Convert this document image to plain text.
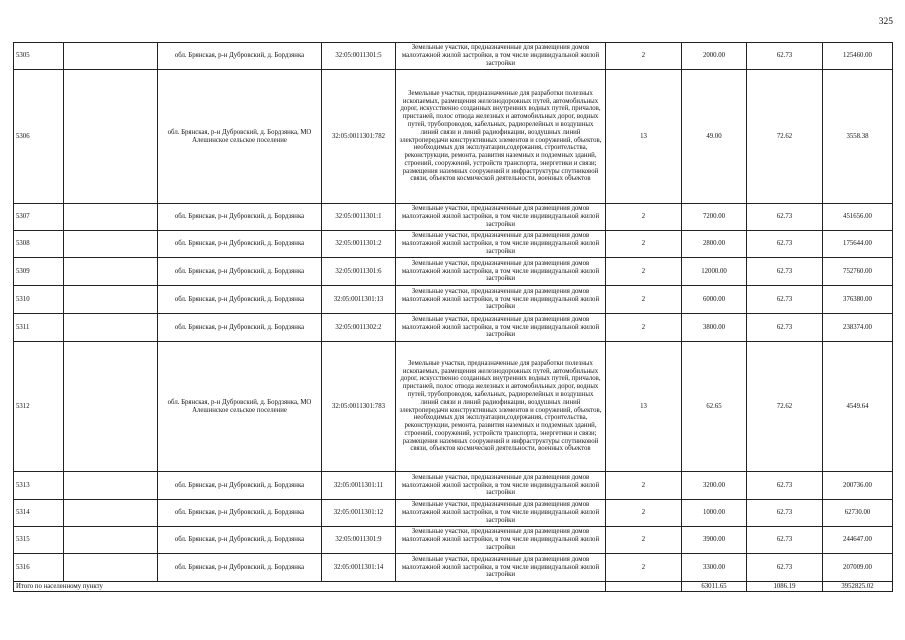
325
5305		обл. Брянская, р-н Дубровский, д. Бордзянка	32:05:0011301:5	Земельные участки, предназначенные для размещения домов малоэтажной жилой застройки, в том числе индивидуальной жилой застройки	2	2000.00	62.73	125460.00
5306		обл. Брянская, р-н Дубровский, д. Бордзянка, МО Алешинское сельское поселение	32:05:0011301:782	Земельные участки, предназначенные для разработки полезных ископаемых, размещения железнодорожных путей, автомобильных дорог, искусственно созданных внутренних водных путей, причалов, пристаней, полос отвода железных и автомобильных дорог, водных путей, трубопроводов, кабельных, радиорелейных и воздушных линий связи и линий радиофикации, воздушных линий электропередачи конструктивных элементов и сооружений, объектов, необходимых для эксплуатации,содержания, строительства, реконструкции, ремонта, развития наземных и подземных зданий, строений, сооружений, устройств транспорта, энергетики и связи; размещения наземных сооружений и инфраструктуры спутниковой связи, объектов космической деятельности, военных объектов	13	49.00	72.62	3558.38
5307		обл. Брянская, р-н Дубровский, д. Бордзянка	32:05:0011301:1	Земельные участки, предназначенные для размещения домов малоэтажной жилой застройки, в том числе индивидуальной жилой застройки	2	7200.00	62.73	451656.00
5308		обл. Брянская, р-н Дубровский, д. Бордзянка	32:05:0011301:2	Земельные участки, предназначенные для размещения домов малоэтажной жилой застройки, в том числе индивидуальной жилой застройки	2	2800.00	62.73	175644.00
5309		обл. Брянская, р-н Дубровский, д. Бордзянка	32:05:0011301:6	Земельные участки, предназначенные для размещения домов малоэтажной жилой застройки, в том числе индивидуальной жилой застройки	2	12000.00	62.73	752760.00
5310		обл. Брянская, р-н Дубровский, д. Бордзянка	32:05:0011301:13	Земельные участки, предназначенные для размещения домов малоэтажной жилой застройки, в том числе индивидуальной жилой застройки	2	6000.00	62.73	376380.00
5311		обл. Брянская, р-н Дубровский, д. Бордзянка	32:05:0011302:2	Земельные участки, предназначенные для размещения домов малоэтажной жилой застройки, в том числе индивидуальной жилой застройки	2	3800.00	62.73	238374.00
5312		обл. Брянская, р-н Дубровский, д. Бордзянка, МО Алешинское сельское поселение	32:05:0011301:783	Земельные участки, предназначенные для разработки полезных ископаемых, размещения железнодорожных путей, автомобильных дорог, искусственно созданных внутренних водных путей, причалов, пристаней, полос отвода железных и автомобильных дорог, водных путей, трубопроводов, кабельных, радиорелейных и воздушных линий связи и линий радиофикации, воздушных линий электропередачи конструктивных элементов и сооружений, объектов, необходимых для эксплуатации,содержания, строительства, реконструкции, ремонта, развития наземных и подземных зданий, строений, сооружений, устройств транспорта, энергетики и связи; размещения наземных сооружений и инфраструктуры спутниковой связи, объектов космической деятельности, военных объектов	13	62.65	72.62	4549.64
5313		обл. Брянская, р-н Дубровский, д. Бордзянка	32:05:0011301:11	Земельные участки, предназначенные для размещения домов малоэтажной жилой застройки, в том числе индивидуальной жилой застройки	2	3200.00	62.73	200736.00
5314		обл. Брянская, р-н Дубровский, д. Бордзянка	32:05:0011301:12	Земельные участки, предназначенные для размещения домов малоэтажной жилой застройки, в том числе индивидуальной жилой застройки	2	1000.00	62.73	62730.00
5315		обл. Брянская, р-н Дубровский, д. Бордзянка	32:05:0011301:9	Земельные участки, предназначенные для размещения домов малоэтажной жилой застройки, в том числе индивидуальной жилой застройки	2	3900.00	62.73	244647.00
5316		обл. Брянская, р-н Дубровский, д. Бордзянка	32:05:0011301:14	Земельные участки, предназначенные для размещения домов малоэтажной жилой застройки, в том числе индивидуальной жилой застройки	2	3300.00	62.73	207009.00
Итого по населенному пункту						63011.65	1086.19	3952825.02
